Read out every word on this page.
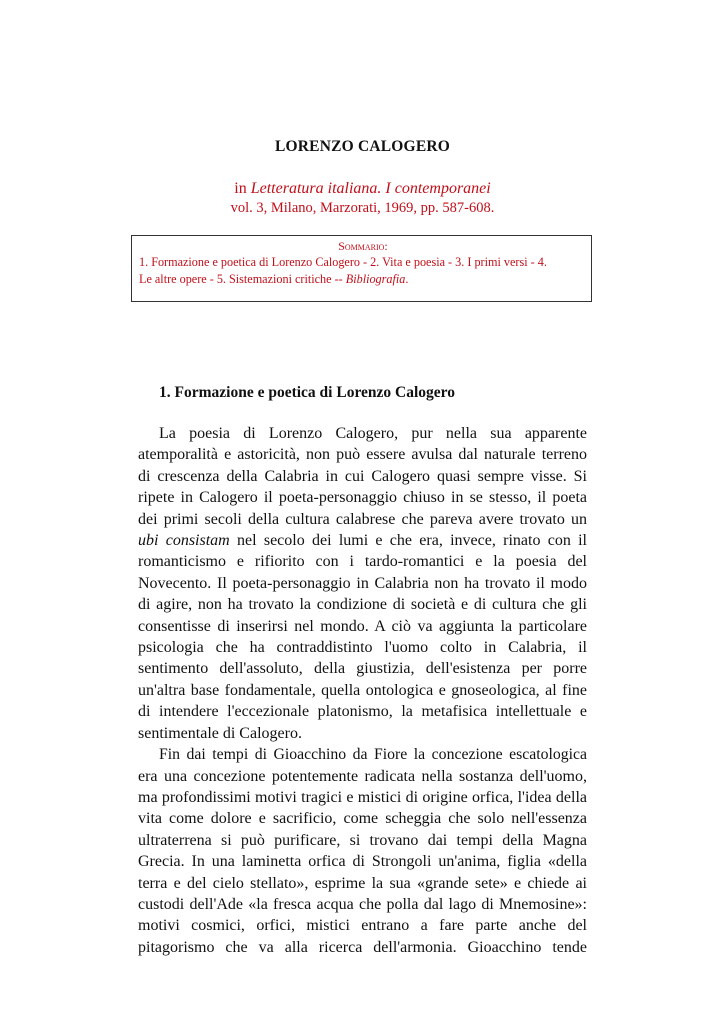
LORENZO CALOGERO
in Letteratura italiana. I contemporanei
vol. 3, Milano, Marzorati, 1969, pp. 587-608.
Sommario:
1. Formazione e poetica di Lorenzo Calogero - 2. Vita e poesia - 3. I primi versi - 4.
Le altre opere - 5. Sistemazioni critiche -- Bibliografia.
1. Formazione e poetica di Lorenzo Calogero

La poesia di Lorenzo Calogero, pur nella sua apparente
atemporalità e astoricità, non può essere avulsa dal naturale terreno
di crescenza della Calabria in cui Calogero quasi sempre visse. Si
ripete in Calogero il poeta-personaggio chiuso in se stesso, il poeta
dei primi secoli della cultura calabrese che pareva avere trovato un
ubi consistam nel secolo dei lumi e che era, invece, rinato con il
romanticismo e rifiorito con i tardo-romantici e la poesia del
Novecento. Il poeta-personaggio in Calabria non ha trovato il modo
di agire, non ha trovato la condizione di società e di cultura che gli
consentisse di inserirsi nel mondo. A ciò va aggiunta la particolare
psicologia che ha contraddistinto l'uomo colto in Calabria, il
sentimento dell'assoluto, della giustizia, dell'esistenza per porre
un'altra base fondamentale, quella ontologica e gnoseologica, al fine
di intendere l'eccezionale platonismo, la metafisica intellettuale e
sentimentale di Calogero.

Fin dai tempi di Gioacchino da Fiore la concezione escatologica
era una concezione potentemente radicata nella sostanza dell'uomo,
ma profondissimi motivi tragici e mistici di origine orfica, l'idea della
vita come dolore e sacrificio, come scheggia che solo nell'essenza
ultraterrena si può purificare, si trovano dai tempi della Magna
Grecia. In una laminetta orfica di Strongoli un'anima, figlia «della
terra e del cielo stellato», esprime la sua «grande sete» e chiede ai
custodi dell'Ade «la fresca acqua che polla dal lago di Mnemosine»:
motivi cosmici, orfici, mistici entrano a fare parte anche del
pitagorismo che va alla ricerca dell'armonia. Gioacchino tende
